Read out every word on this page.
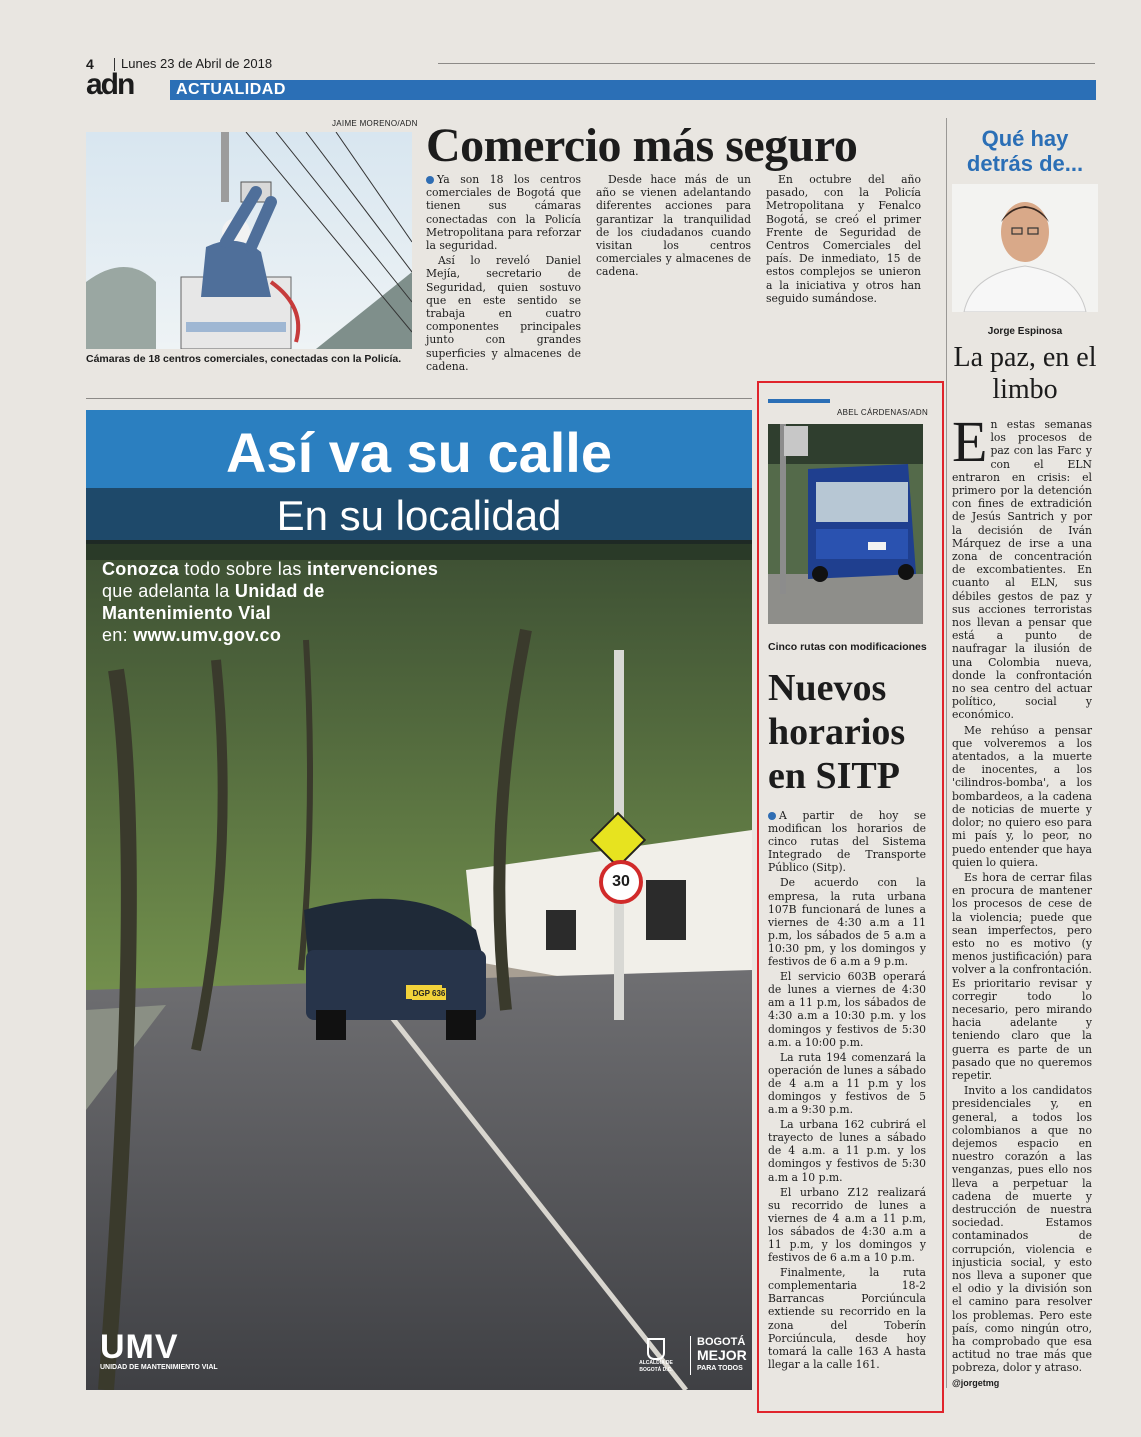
4 Lunes 23 de Abril de 2018
adn	ACTUALIDAD
JAIME MORENO/ADN
Cámaras de 18 centros comerciales, conectadas con la Policía.
Comercio más seguro

Ya son 18 los centros comerciales de Bogotá que tienen sus cámaras conectadas con la Policía Metropolitana para reforzar la seguridad.

Así lo reveló Daniel Mejía, secretario de Seguridad, quien sostuvo que en este sentido se trabaja en cuatro componentes principales junto con grandes superficies y almacenes de cadena.

Desde hace más de un año se vienen adelantando diferentes acciones para garantizar la tranquilidad de los ciudadanos cuando visitan los centros comerciales y almacenes de cadena.

En octubre del año pasado, con la Policía Metropolitana y Fenalco Bogotá, se creó el primer Frente de Seguridad de Centros Comerciales del país. De inmediato, 15 de estos complejos se unieron a la iniciativa y otros han seguido sumándose.

30
DGP 636
Así va su calle
En su localidad
Conozca todo sobre las intervenciones que adelanta la Unidad de Mantenimiento Vial
en: www.umv.gov.co
UMV
UNIDAD DE MANTENIMIENTO VIAL
ALCALDÍA DE BOGOTÁ D.C.
BOGOTÁ
MEJOR
PARA TODOS
ABEL CÁRDENAS/ADN
Cinco rutas con modificaciones
Nuevos horarios en SITP

A partir de hoy se modifican los horarios de cinco rutas del Sistema Integrado de Transporte Público (Sitp).

De acuerdo con la empresa, la ruta urbana 107B funcionará de lunes a viernes de 4:30 a.m a 11 p.m, los sábados de 5 a.m a 10:30 pm, y los domingos y festivos de 6 a.m a 9 p.m.

El servicio 603B operará de lunes a viernes de 4:30 am a 11 p.m, los sábados de 4:30 a.m a 10:30 p.m. y los domingos y festivos de 5:30 a.m. a 10:00 p.m.

La ruta 194 comenzará la operación de lunes a sábado de 4 a.m a 11 p.m y los domingos y festivos de 5 a.m a 9:30 p.m.

La urbana 162 cubrirá el trayecto de lunes a sábado de 4 a.m. a 11 p.m. y los domingos y festivos de 5:30 a.m a 10 p.m.

El urbano Z12 realizará su recorrido de lunes a viernes de 4 a.m a 11 p.m, los sábados de 4:30 a.m a 11 p.m, y los domingos y festivos de 6 a.m a 10 p.m.

Finalmente, la ruta complementaria 18-2 Barrancas Porciúncula extiende su recorrido en la zona del Toberín Porciúncula, desde hoy tomará la calle 163 A hasta llegar a la calle 161.

Qué hay
detrás de...
Jorge Espinosa
La paz, en el limbo

En estas semanas los procesos de paz con las Farc y con el ELN entraron en crisis: el primero por la detención con fines de extradición de Jesús Santrich y por la decisión de Iván Márquez de irse a una zona de concentración de excombatientes. En cuanto al ELN, sus débiles gestos de paz y sus acciones terroristas nos llevan a pensar que está a punto de naufragar la ilusión de una Colombia nueva, donde la confrontación no sea centro del actuar político, social y económico.

Me rehúso a pensar que volveremos a los atentados, a la muerte de inocentes, a los 'cilindros-bomba', a los bombardeos, a la cadena de noticias de muerte y dolor; no quiero eso para mi país y, lo peor, no puedo entender que haya quien lo quiera.

Es hora de cerrar filas en procura de mantener los procesos de cese de la violencia; puede que sean imperfectos, pero esto no es motivo (y menos justificación) para volver a la confrontación. Es prioritario revisar y corregir todo lo necesario, pero mirando hacia adelante y teniendo claro que la guerra es parte de un pasado que no queremos repetir.

Invito a los candidatos presidenciales y, en general, a todos los colombianos a que no dejemos espacio en nuestro corazón a las venganzas, pues ello nos lleva a perpetuar la cadena de muerte y destrucción de nuestra sociedad. Estamos contaminados de corrupción, violencia e injusticia social, y esto nos lleva a suponer que el odio y la división son el camino para resolver los problemas. Pero este país, como ningún otro, ha comprobado que esa actitud no trae más que pobreza, dolor y atraso.

@jorgetmg
